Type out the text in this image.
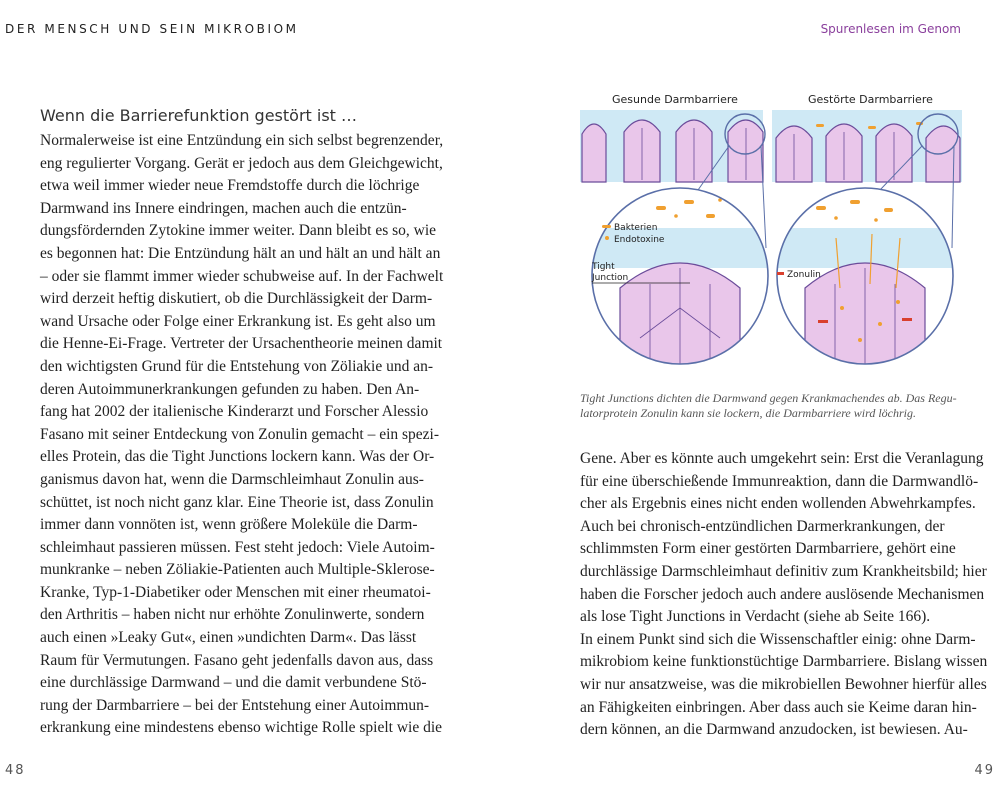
DER MENSCH UND SEIN MIKROBIOM	Spurenlesen im Genom
Wenn die Barrierefunktion gestört ist …

Normalerweise ist eine Entzündung ein sich selbst begrenzender,
eng regulierter Vorgang. Gerät er jedoch aus dem Gleichgewicht,
etwa weil immer wieder neue Fremdstoffe durch die löchrige
Darmwand ins Innere eindringen, machen auch die entzün-
dungsfördernden Zytokine immer weiter. Dann bleibt es so, wie
es begonnen hat: Die Entzündung hält an und hält an und hält an
– oder sie flammt immer wieder schubweise auf. In der Fachwelt
wird derzeit heftig diskutiert, ob die Durchlässigkeit der Darm-
wand Ursache oder Folge einer Erkrankung ist. Es geht also um
die Henne-Ei-Frage. Vertreter der Ursachentheorie meinen damit
den wichtigsten Grund für die Entstehung von Zöliakie und an-
deren Autoimmunerkrankungen gefunden zu haben. Den An-
fang hat 2002 der italienische Kinderarzt und Forscher Alessio
Fasano mit seiner Entdeckung von Zonulin gemacht – ein spezi-
elles Protein, das die Tight Junctions lockern kann. Was der Or-
ganismus davon hat, wenn die Darmschleimhaut Zonulin aus-
schüttet, ist noch nicht ganz klar. Eine Theorie ist, dass Zonulin
immer dann vonnöten ist, wenn größere Moleküle die Darm-
schleimhaut passieren müssen. Fest steht jedoch: Viele Autoim-
munkranke – neben Zöliakie-Patienten auch Multiple-Sklerose-
Kranke, Typ-1-Diabetiker oder Menschen mit einer rheumatoi-
den Arthritis – haben nicht nur erhöhte Zonulinwerte, sondern
auch einen »Leaky Gut«, einen »undichten Darm«. Das lässt
Raum für Vermutungen. Fasano geht jedenfalls davon aus, dass
eine durchlässige Darmwand – und die damit verbundene Stö-
rung der Darmbarriere – bei der Entstehung einer Autoimmun-
erkrankung eine mindestens ebenso wichtige Rolle spielt wie die

Gesunde Darmbarriere	Gestörte Darmbarriere
Bakterien
Endotoxine
Tight
Junction	Zonulin

Tight Junctions dichten die Darmwand gegen Krankmachendes ab. Das Regu-
latorprotein Zonulin kann sie lockern, die Darmbarriere wird löchrig.

Gene. Aber es könnte auch umgekehrt sein: Erst die Veranlagung
für eine überschießende Immunreaktion, dann die Darmwandlö-
cher als Ergebnis eines nicht enden wollenden Abwehrkampfes.
Auch bei chronisch-entzündlichen Darmerkrankungen, der
schlimmsten Form einer gestörten Darmbarriere, gehört eine
durchlässige Darmschleimhaut definitiv zum Krankheitsbild; hier
haben die Forscher jedoch auch andere auslösende Mechanismen
als lose Tight Junctions in Verdacht (siehe ab Seite 166).
In einem Punkt sind sich die Wissenschaftler einig: ohne Darm-
mikrobiom keine funktionstüchtige Darmbarriere. Bislang wissen
wir nur ansatzweise, was die mikrobiellen Bewohner hierfür alles
an Fähigkeiten einbringen. Aber dass auch sie Keime daran hin-
dern können, an die Darmwand anzudocken, ist bewiesen. Au-

48	49
